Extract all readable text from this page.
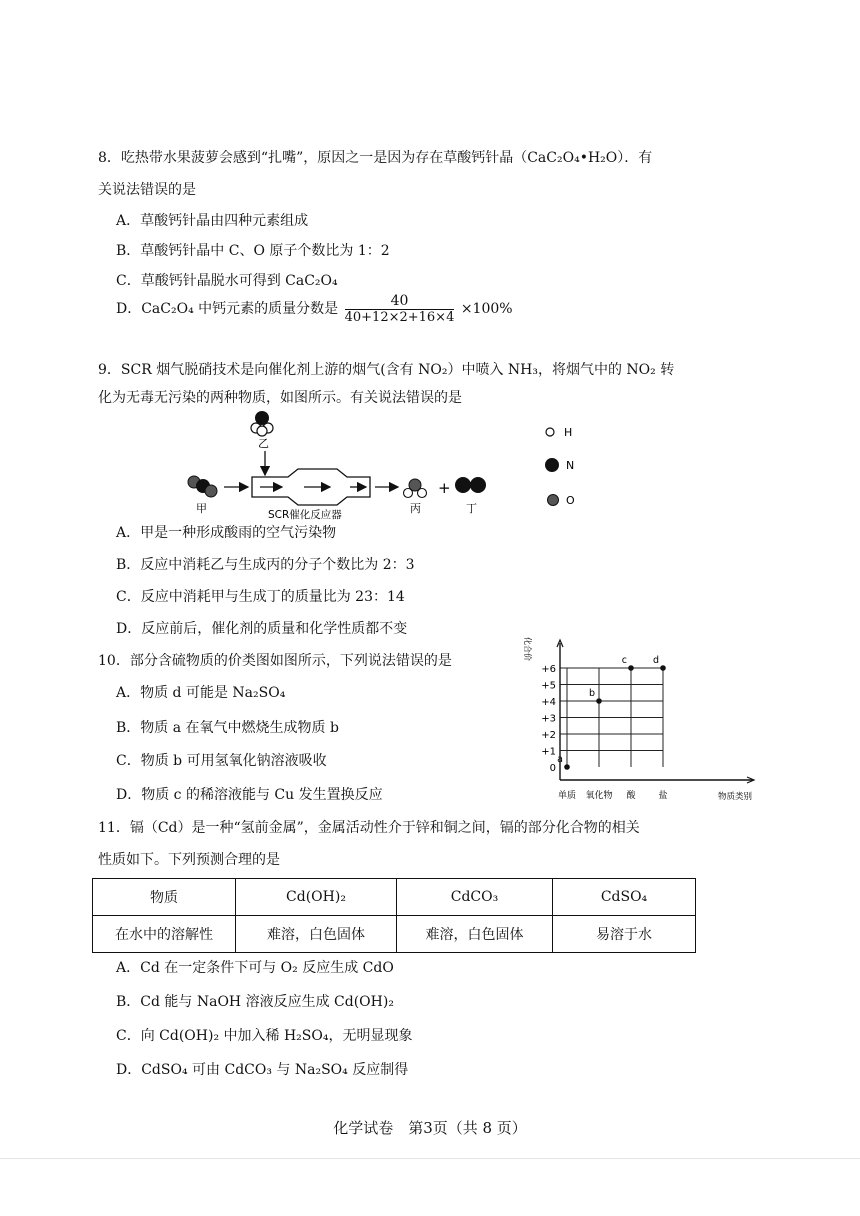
8．吃热带水果菠萝会感到“扎嘴”，原因之一是因为存在草酸钙针晶（CaC₂O₄•H₂O）．有
关说法错误的是
A．草酸钙针晶由四种元素组成
B．草酸钙针晶中 C、O 原子个数比为 1：2
C．草酸钙针晶脱水可得到 CaC₂O₄
D．CaC₂O₄ 中钙元素的质量分数是 $\frac{40}{40+12\times 2+16\times 4} \times 100\%$
9．SCR 烟气脱硝技术是向催化剂上游的烟气(含有 NO₂）中喷入 NH₃，将烟气中的 NO₂ 转
化为无毒无污染的两种物质，如图所示。有关说法错误的是
乙
甲	SCR催化反应器	丙
+
丁
H
N
O
A．甲是一种形成酸雨的空气污染物
B．反应中消耗乙与生成丙的分子个数比为 2：3
C．反应中消耗甲与生成丁的质量比为 23：14
D．反应前后，催化剂的质量和化学性质都不变
10．部分含硫物质的价类图如图所示，下列说法错误的是
A．物质 d 可能是 Na₂SO₄
B．物质 a 在氧气中燃烧生成物质 b
C．物质 b 可用氢氧化钠溶液吸收
D．物质 c 的稀溶液能与 Cu 发生置换反应
化合价
0
+1
+2
+3
+4
+5
+6
单质 氧化物 酸	盐
a
b
c	d
物质类别
11．镉（Cd）是一种“氢前金属”，金属活动性介于锌和铜之间，镉的部分化合物的相关
性质如下。下列预测合理的是
物质	Cd(OH)₂	CdCO₃	CdSO₄
在水中的溶解性	难溶，白色固体	难溶，白色固体	易溶于水
A．Cd 在一定条件下可与 O₂ 反应生成 CdO
B．Cd 能与 NaOH 溶液反应生成 Cd(OH)₂
C．向 Cd(OH)₂ 中加入稀 H₂SO₄，无明显现象
D．CdSO₄ 可由 CdCO₃ 与 Na₂SO₄ 反应制得
化学试卷　第3页（共 8 页）
